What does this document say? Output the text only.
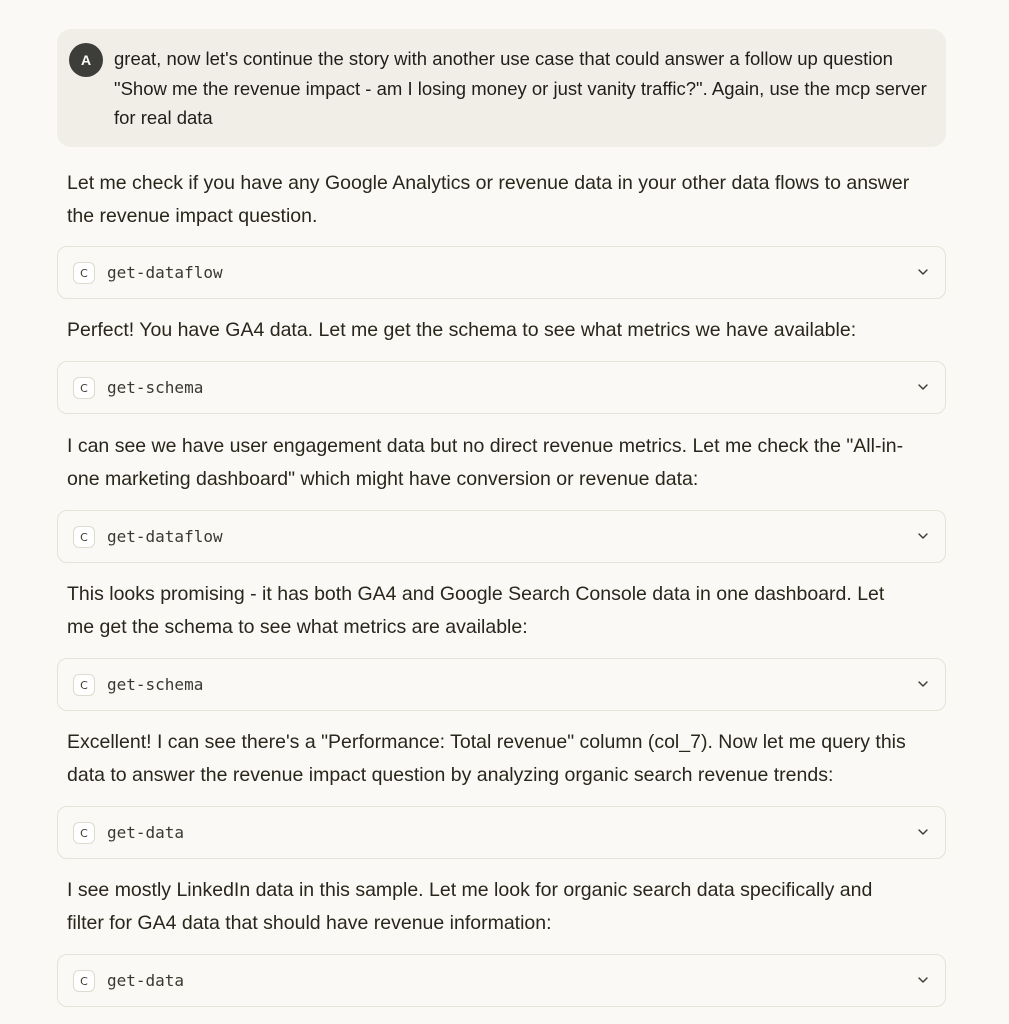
A	great, now let's continue the story with another use case that could answer a follow up question
"Show me the revenue impact - am I losing money or just vanity traffic?". Again, use the mcp server
for real data
Let me check if you have any Google Analytics or revenue data in your other data flows to answer
the revenue impact question.
C	get-dataflow
Perfect! You have GA4 data. Let me get the schema to see what metrics we have available:
C	get-schema
I can see we have user engagement data but no direct revenue metrics. Let me check the "All-in-
one marketing dashboard" which might have conversion or revenue data:
C	get-dataflow
This looks promising - it has both GA4 and Google Search Console data in one dashboard. Let
me get the schema to see what metrics are available:
C	get-schema
Excellent! I can see there's a "Performance: Total revenue" column (col_7). Now let me query this
data to answer the revenue impact question by analyzing organic search revenue trends:
C	get-data
I see mostly LinkedIn data in this sample. Let me look for organic search data specifically and
filter for GA4 data that should have revenue information:
C	get-data
